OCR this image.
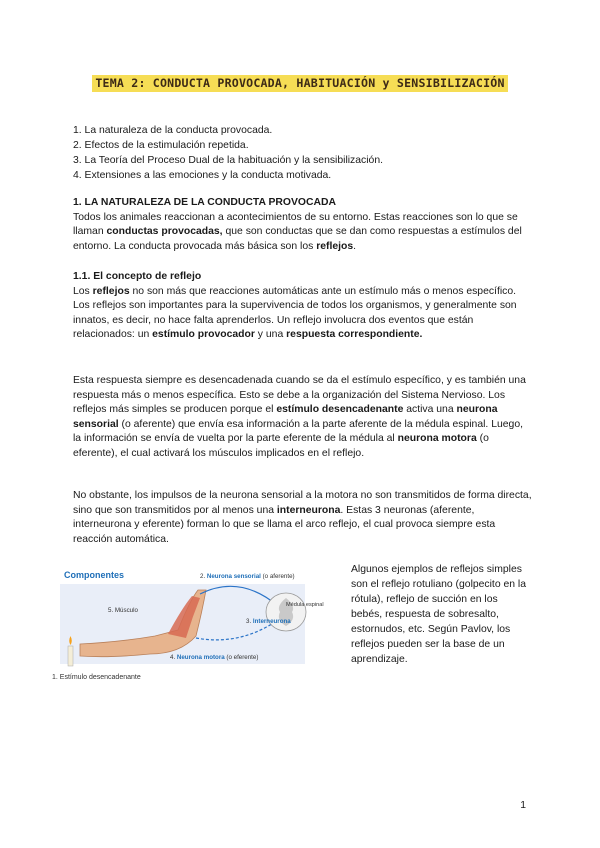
TEMA 2: CONDUCTA PROVOCADA, HABITUACIÓN y SENSIBILIZACIÓN
1. La naturaleza de la conducta provocada.
2. Efectos de la estimulación repetida.
3. La Teoría del Proceso Dual de la habituación y la sensibilización.
4. Extensiones a las emociones y la conducta motivada.
1. LA NATURALEZA DE LA CONDUCTA PROVOCADA

Todos los animales reaccionan a acontecimientos de su entorno. Estas reacciones son lo que se llaman conductas provocadas, que son conductas que se dan como respuestas a estímulos del entorno. La conducta provocada más básica son los reflejos.

1.1. El concepto de reflejo

Los reflejos no son más que reacciones automáticas ante un estímulo más o menos específico. Los reflejos son importantes para la supervivencia de todos los organismos, y generalmente son innatos, es decir, no hace falta aprenderlos. Un reflejo involucra dos eventos que están relacionados: un estímulo provocador y una respuesta correspondiente.

Esta respuesta siempre es desencadenada cuando se da el estímulo específico, y es también una respuesta más o menos específica. Esto se debe a la organización del Sistema Nervioso. Los reflejos más simples se producen porque el estímulo desencadenante activa una neurona sensorial (o aferente) que envía esa información a la parte aferente de la médula espinal. Luego, la información se envía de vuelta por la parte eferente de la médula al neurona motora (o eferente), el cual activará los músculos implicados en el reflejo.

No obstante, los impulsos de la neurona sensorial a la motora no son transmitidos de forma directa, sino que son transmitidos por al menos una interneurona. Estas 3 neuronas (aferente, interneurona y eferente) forman lo que se llama el arco reflejo, el cual provoca siempre esta reacción automática.

Componentes	2. Neurona sensorial (o aferente)
Médula espinal
3. Interneurona
5. Músculo
4. Neurona motora (o eferente)
1. Estímulo desencadenante
Algunos ejemplos de reflejos simples son el reflejo rotuliano (golpecito en la rótula), reflejo de succión en los bebés, respuesta de sobresalto, estornudos, etc. Según Pavlov, los reflejos pueden ser la base de un aprendizaje.
1
